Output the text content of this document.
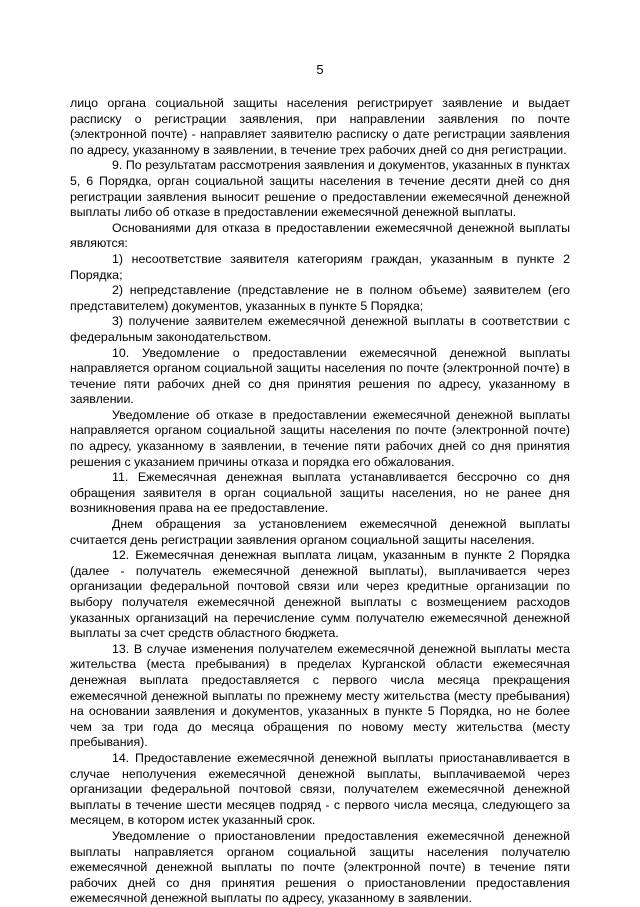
5

лицо органа социальной защиты населения регистрирует заявление и выдает расписку о регистрации заявления, при направлении заявления по почте (электронной почте) - направляет заявителю расписку о дате регистрации заявления по адресу, указанному в заявлении, в течение трех рабочих дней со дня регистрации.

9. По результатам рассмотрения заявления и документов, указанных в пунктах 5, 6 Порядка, орган социальной защиты населения в течение десяти дней со дня регистрации заявления выносит решение о предоставлении ежемесячной денежной выплаты либо об отказе в предоставлении ежемесячной денежной выплаты.

Основаниями для отказа в предоставлении ежемесячной денежной выплаты являются:

1) несоответствие заявителя категориям граждан, указанным в пункте 2 Порядка;

2) непредставление (представление не в полном объеме) заявителем (его представителем) документов, указанных в пункте 5 Порядка;

3) получение заявителем ежемесячной денежной выплаты в соответствии с федеральным законодательством.

10. Уведомление о предоставлении ежемесячной денежной выплаты направляется органом социальной защиты населения по почте (электронной почте) в течение пяти рабочих дней со дня принятия решения по адресу, указанному в заявлении.

Уведомление об отказе в предоставлении ежемесячной денежной выплаты направляется органом социальной защиты населения по почте (электронной почте) по адресу, указанному в заявлении, в течение пяти рабочих дней со дня принятия решения с указанием причины отказа и порядка его обжалования.

11. Ежемесячная денежная выплата устанавливается бессрочно со дня обращения заявителя в орган социальной защиты населения, но не ранее дня возникновения права на ее предоставление.

Днем обращения за установлением ежемесячной денежной выплаты считается день регистрации заявления органом социальной защиты населения.

12. Ежемесячная денежная выплата лицам, указанным в пункте 2 Порядка (далее - получатель ежемесячной денежной выплаты), выплачивается через организации федеральной почтовой связи или через кредитные организации по выбору получателя ежемесячной денежной выплаты с возмещением расходов указанных организаций на перечисление сумм получателю ежемесячной денежной выплаты за счет средств областного бюджета.

13. В случае изменения получателем ежемесячной денежной выплаты места жительства (места пребывания) в пределах Курганской области ежемесячная денежная выплата предоставляется с первого числа месяца прекращения ежемесячной денежной выплаты по прежнему месту жительства (месту пребывания) на основании заявления и документов, указанных в пункте 5 Порядка, но не более чем за три года до месяца обращения по новому месту жительства (месту пребывания).

14. Предоставление ежемесячной денежной выплаты приостанавливается в случае неполучения ежемесячной денежной выплаты, выплачиваемой через организации федеральной почтовой связи, получателем ежемесячной денежной выплаты в течение шести месяцев подряд - с первого числа месяца, следующего за месяцем, в котором истек указанный срок.

Уведомление о приостановлении предоставления ежемесячной денежной выплаты направляется органом социальной защиты населения получателю ежемесячной денежной выплаты по почте (электронной почте) в течение пяти рабочих дней со дня принятия решения о приостановлении предоставления ежемесячной денежной выплаты по адресу, указанному в заявлении.
